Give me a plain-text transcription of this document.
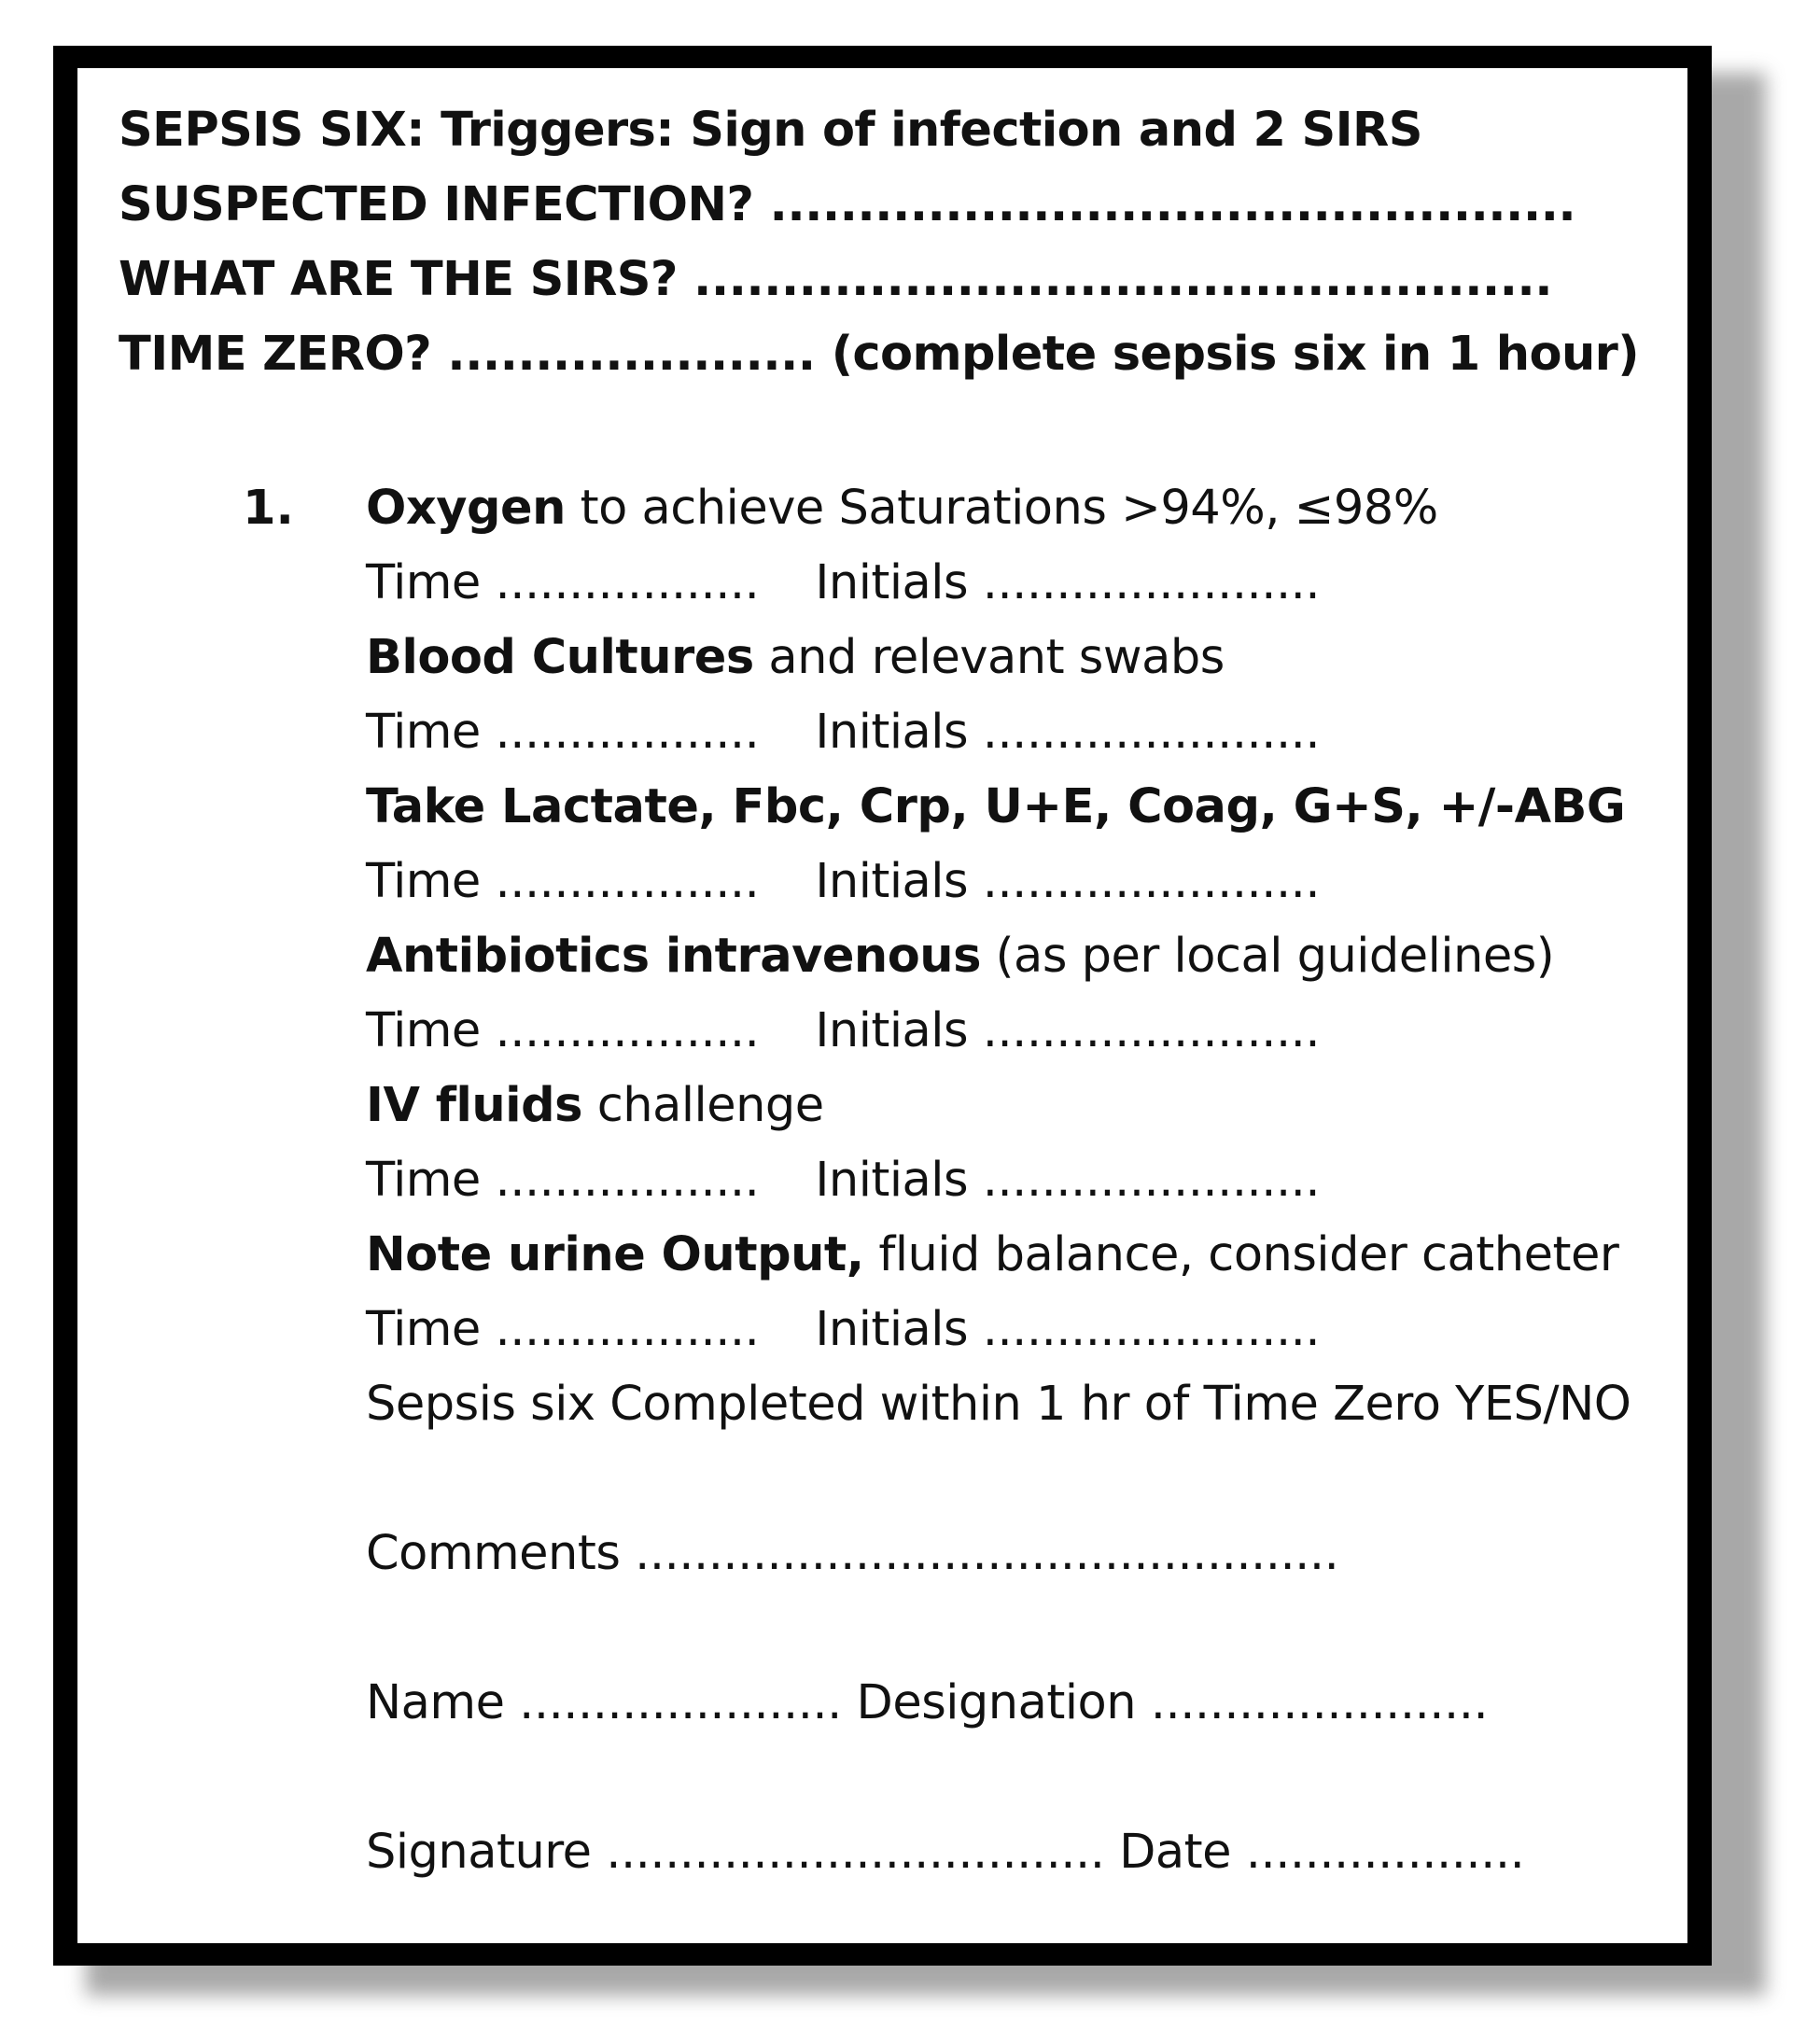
SEPSIS SIX: Triggers: Sign of infection and 2 SIRS
SUSPECTED INFECTION? ..............................................
WHAT ARE THE SIRS? .................................................
TIME ZERO? ..................... (complete sepsis six in 1 hour)
1. Oxygen to achieve Saturations >94%, ≤98%
Time .................. Initials .......................
Blood Cultures and relevant swabs
Time .................. Initials .......................
Take Lactate, Fbc, Crp, U+E, Coag, G+S, +/-ABG
Time .................. Initials .......................
Antibiotics intravenous (as per local guidelines)
Time .................. Initials .......................
IV fluids challenge
Time .................. Initials .......................
Note urine Output, fluid balance, consider catheter
Time .................. Initials .......................
Sepsis six Completed within 1 hr of Time Zero YES/NO
Comments ................................................
Name ...................... Designation .......................
Signature .................................. Date ...................
